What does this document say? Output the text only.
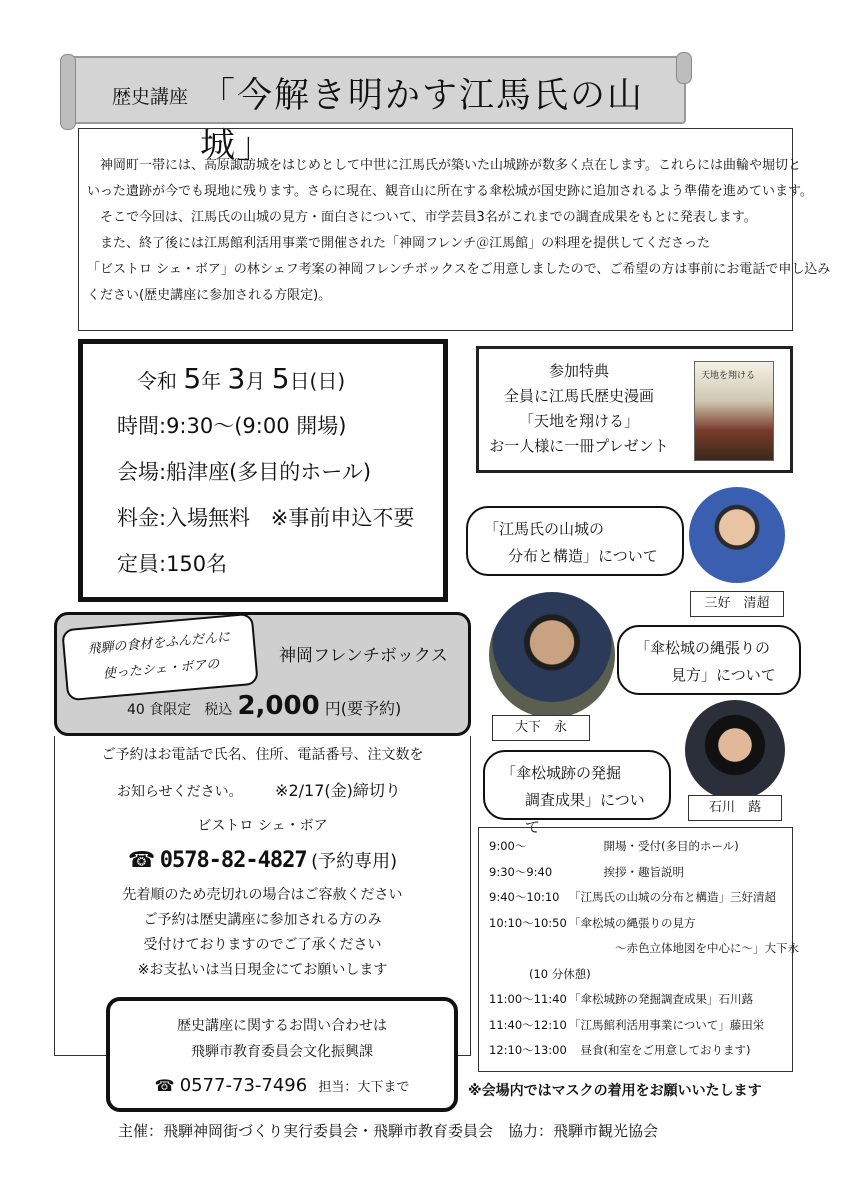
歴史講座 「今解き明かす江馬氏の山城」

　神岡町一帯には、高原諏訪城をはじめとして中世に江馬氏が築いた山城跡が数多く点在します。これらには曲輪や堀切と

いった遺跡が今でも現地に残ります。さらに現在、観音山に所在する傘松城が国史跡に追加されるよう準備を進めています。

　そこで今回は、江馬氏の山城の見方・面白さについて、市学芸員3名がこれまでの調査成果をもとに発表します。

　また、終了後には江馬館利活用事業で開催された「神岡フレンチ＠江馬館」の料理を提供してくださった

「ビストロ シェ・ボア」の林シェフ考案の神岡フレンチボックスをご用意しましたので、ご希望の方は事前にお電話で申し込み

ください(歴史講座に参加される方限定)。

令和 5年 3月 5日(日)
時間:9:30～(9:00 開場)
会場:船津座(多目的ホール)
料金:入場無料 ※事前申込不要
定員:150名
参加特典
全員に江馬氏歴史漫画
「天地を翔ける」
お一人様に一冊プレゼント
天地を翔ける
「江馬氏の山城の
分布と構造」について
三好　清超
「傘松城の縄張りの
見方」について
大下　永
「傘松城跡の発掘
調査成果」について
石川　蕗
神岡フレンチボックス
40 食限定 税込 2,000 円(要予約)
飛騨の食材をふんだんに
使ったシェ・ボアの
ご予約はお電話で氏名、住所、電話番号、注文数を
お知らせください。 ※2/17(金)締切り
ビストロ シェ・ボア
☎ 0578-82-4827 (予約専用)
先着順のため売切れの場合はご容赦ください
ご予約は歴史講座に参加される方のみ
受付けておりますのでご了承ください
※お支払いは当日現金にてお願いします
歴史講座に関するお問い合わせは
飛騨市教育委員会文化振興課
☎ 0577-73-7496 担当：大下まで
9:00～	　　　開場・受付(多目的ホール)
9:30～9:40 　　　挨拶・趣旨説明
9:40～10:10 「江馬氏の山城の分布と構造」三好清超
10:10～10:50 「傘松城の縄張りの見方
　　　　～赤色立体地図を中心に～」大下永
(10 分休憩)
11:00～11:40 「傘松城跡の発掘調査成果」石川蕗
11:40～12:10 「江馬館利活用事業について」藤田栄
12:10～13:00 　昼食(和室をご用意しております)
※会場内ではマスクの着用をお願いいたします
主催：飛騨神岡街づくり実行委員会・飛騨市教育委員会　協力：飛騨市観光協会
